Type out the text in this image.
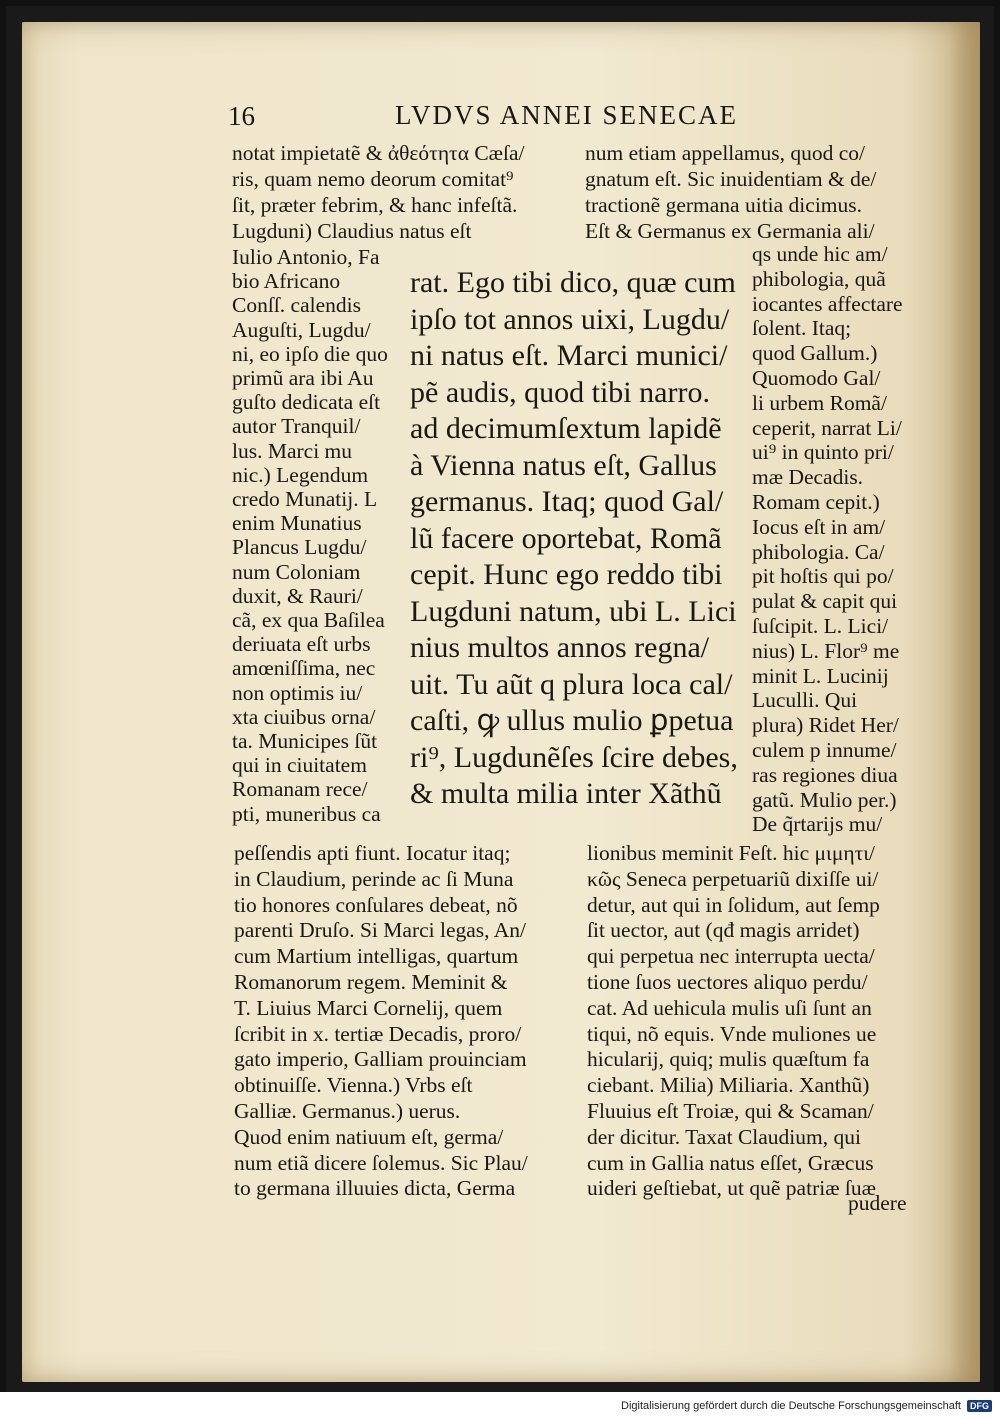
16	LVDVS ANNEI SENECAE
pudere
Digitalisierung gefördert durch die Deutsche Forschungsgemeinschaft	DFG
notat impietatẽ & ἀθεότητα Cæſa/
ris, quam nemo deorum comitat⁹
ſit, præter febrim, & hanc infeſtã.
Lugduni) Claudius natus eſt
num etiam appellamus, quod co/
gnatum eſt. Sic inuidentiam & de/
tractionẽ germana uitia dicimus.
Eſt & Germanus ex Germania ali/
Iulio Antonio, Fa
bio Africano
Conſſ. calendis
Auguſti, Lugdu/
ni, eo ipſo die quo
primũ ara ibi Au
guſto dedicata eſt
autor Tranquil/
lus. Marci mu
nic.) Legendum
credo Munatij. L
enim Munatius
Plancus Lugdu/
num Coloniam
duxit, & Rauri/
cã, ex qua Baſilea
deriuata eſt urbs
amœniſſima, nec
non optimis iu/
xta ciuibus orna/
ta. Municipes ſũt
qui in ciuitatem
Romanam rece/
pti, muneribus ca
rat. Ego tibi dico, quæ cum
ipſo tot annos uixi, Lugdu/
ni natus eſt. Marci munici/
pẽ audis, quod tibi narro.
ad decimumſextum lapidẽ
à Vienna natus eſt, Gallus
germanus. Itaq; quod Gal/
lũ facere oportebat, Romã
cepit. Hunc ego reddo tibi
Lugduni natum, ubi L. Lici
nius multos annos regna/
uit. Tu aũt q plura loca cal/
caſti, ꝙ ullus mulio ꝑpetua
ri⁹, Lugdunẽſes ſcire debes,
& multa milia inter Xãthũ
qs unde hic am/
phibologia, quã
iocantes affectare
ſolent. Itaq;
quod Gallum.)
Quomodo Gal/
li urbem Romã/
ceperit, narrat Li/
ui⁹ in quinto pri/
mæ Decadis.
Romam cepit.)
Iocus eſt in am/
phibologia. Ca/
pit hoſtis qui po/
pulat & capit qui
ſuſcipit. L. Lici/
nius) L. Flor⁹ me
minit L. Lucinij
Luculli. Qui
plura) Ridet Her/
culem p innume/
ras regiones diua
gatũ. Mulio per.)
De q̃rtarijs mu/
peſſendis apti fiunt. Iocatur itaq;
in Claudium, perinde ac ſi Muna
tio honores conſulares debeat, nõ
parenti Druſo. Si Marci legas, An/
cum Martium intelligas, quartum
Romanorum regem. Meminit &
T. Liuius Marci Cornelij, quem
ſcribit in x. tertiæ Decadis, proro/
gato imperio, Galliam prouinciam
obtinuiſſe. Vienna.) Vrbs eſt
Galliæ. Germanus.) uerus.
Quod enim natiuum eſt, germa/
num etiã dicere ſolemus. Sic Plau/
to germana illuuies dicta, Germa
lionibus meminit Feſt. hic μιμητι/
κῶς Seneca perpetuariũ dixiſſe ui/
detur, aut qui in ſolidum, aut ſemp
ſit uector, aut (qđ magis arridet)
qui perpetua nec interrupta uecta/
tione ſuos uectores aliquo perdu/
cat. Ad uehicula mulis uſi ſunt an
tiqui, nõ equis. Vnde muliones ue
hicularij, quiq; mulis quæſtum fa
ciebant. Milia) Miliaria. Xanthũ)
Fluuius eſt Troiæ, qui & Scaman/
der dicitur. Taxat Claudium, qui
cum in Gallia natus eſſet, Græcus
uideri geſtiebat, ut quẽ patriæ ſuæ
